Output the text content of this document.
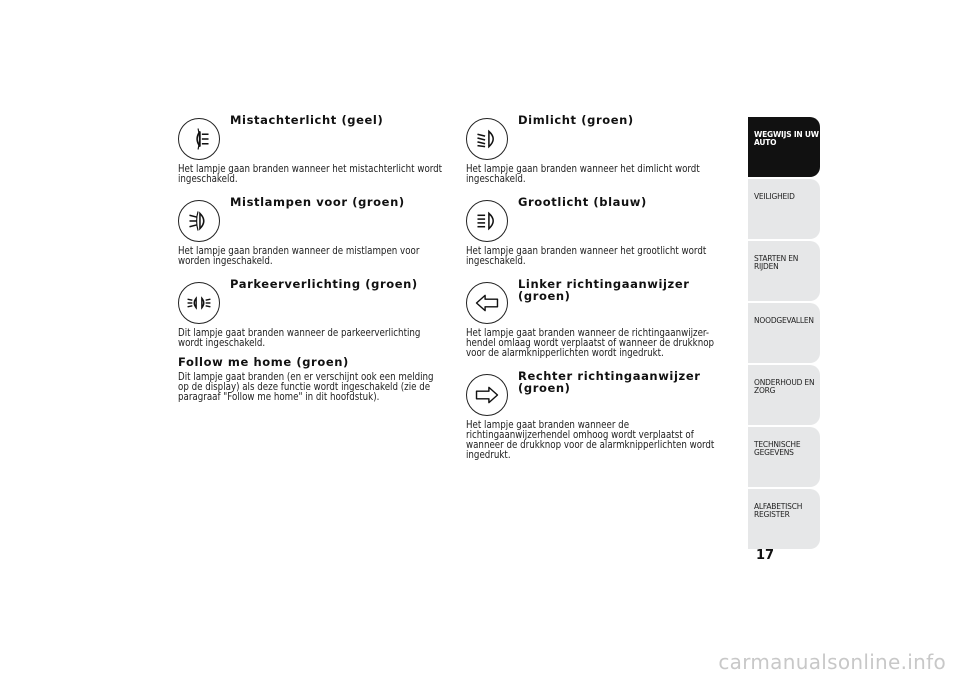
Mistachterlicht (geel)

Het lampje gaan branden wanneer het mistachterlicht wordt ingeschakeld.

Mistlampen voor (groen)

Het lampje gaan branden wanneer de mistlampen voor worden ingeschakeld.

Parkeerverlichting (groen)

Dit lampje gaat branden wanneer de parkeerverlichting wordt ingeschakeld.

Follow me home (groen)

Dit lampje gaat branden (en er verschijnt ook een melding op de display) als deze functie wordt ingeschakeld (zie de paragraaf "Follow me home" in dit hoofdstuk).

Dimlicht (groen)

Het lampje gaan branden wanneer het dimlicht wordt ingeschakeld.

Grootlicht (blauw)

Het lampje gaan branden wanneer het grootlicht wordt ingeschakeld.

Linker richtingaanwijzer (groen)

Het lampje gaat branden wanneer de richtingaanwijzer-hendel omlaag wordt verplaatst of wanneer de drukknop voor de alarmknipperlichten wordt ingedrukt.

Rechter richtingaanwijzer (groen)

Het lampje gaat branden wanneer de richtingaanwijzerhendel omhoog wordt verplaatst of wanneer de drukknop voor de alarmknipperlichten wordt ingedrukt.

WEGWIJS IN UW AUTO
VEILIGHEID
STARTEN EN RIJDEN
NOODGEVALLEN
ONDERHOUD EN ZORG
TECHNISCHE GEGEVENS
ALFABETISCH REGISTER
17
carmanualsonline.info
